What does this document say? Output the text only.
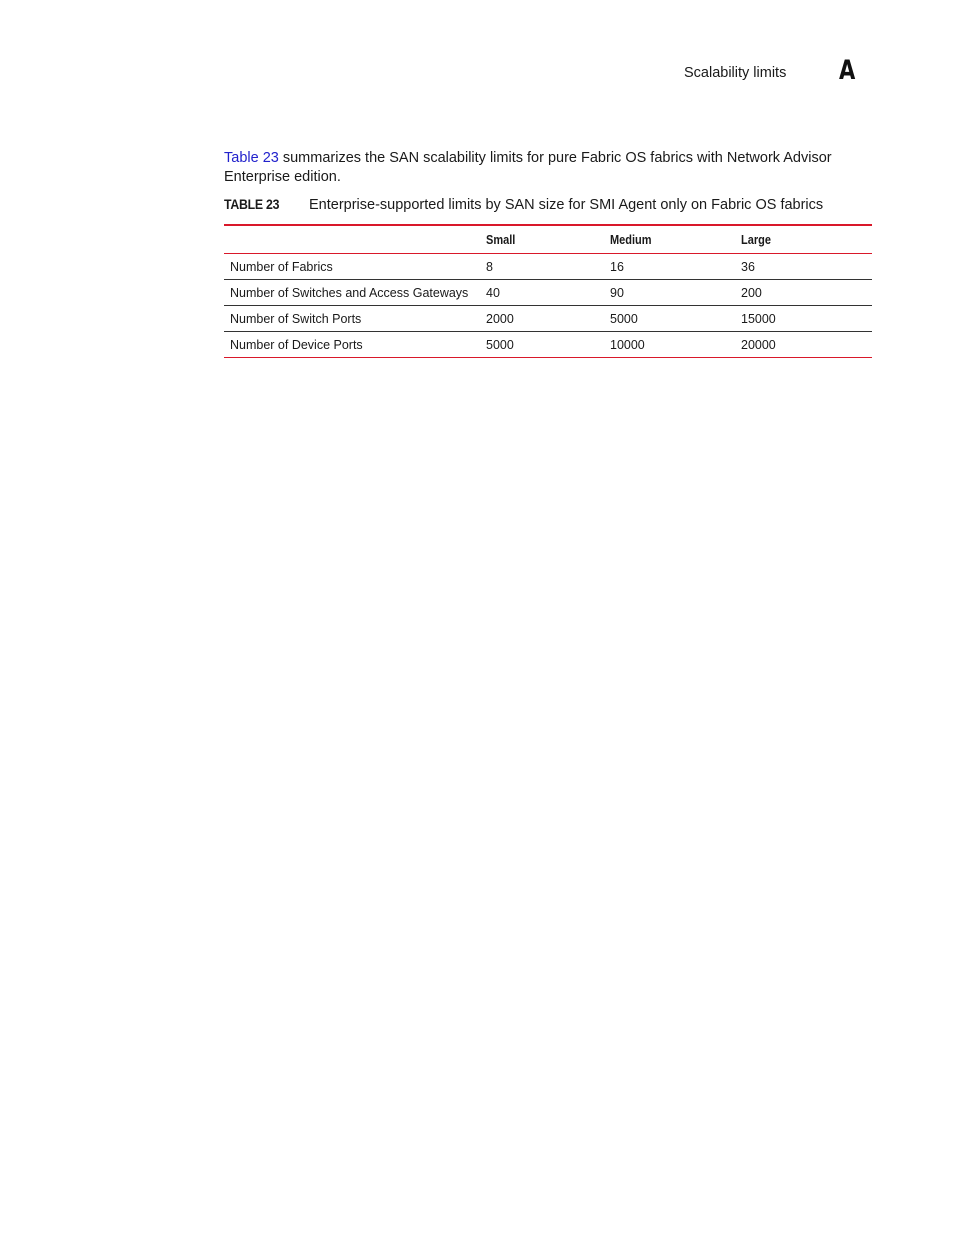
Scalability limits A

Table 23 summarizes the SAN scalability limits for pure Fabric OS fabrics with Network Advisor Enterprise edition.

TABLE 23 Enterprise-supported limits by SAN size for SMI Agent only on Fabric OS fabrics
	Small	Medium	Large
Number of Fabrics	8	16	36
Number of Switches and Access Gateways	40	90	200
Number of Switch Ports	2000	5000	15000
Number of Device Ports	5000	10000	20000
